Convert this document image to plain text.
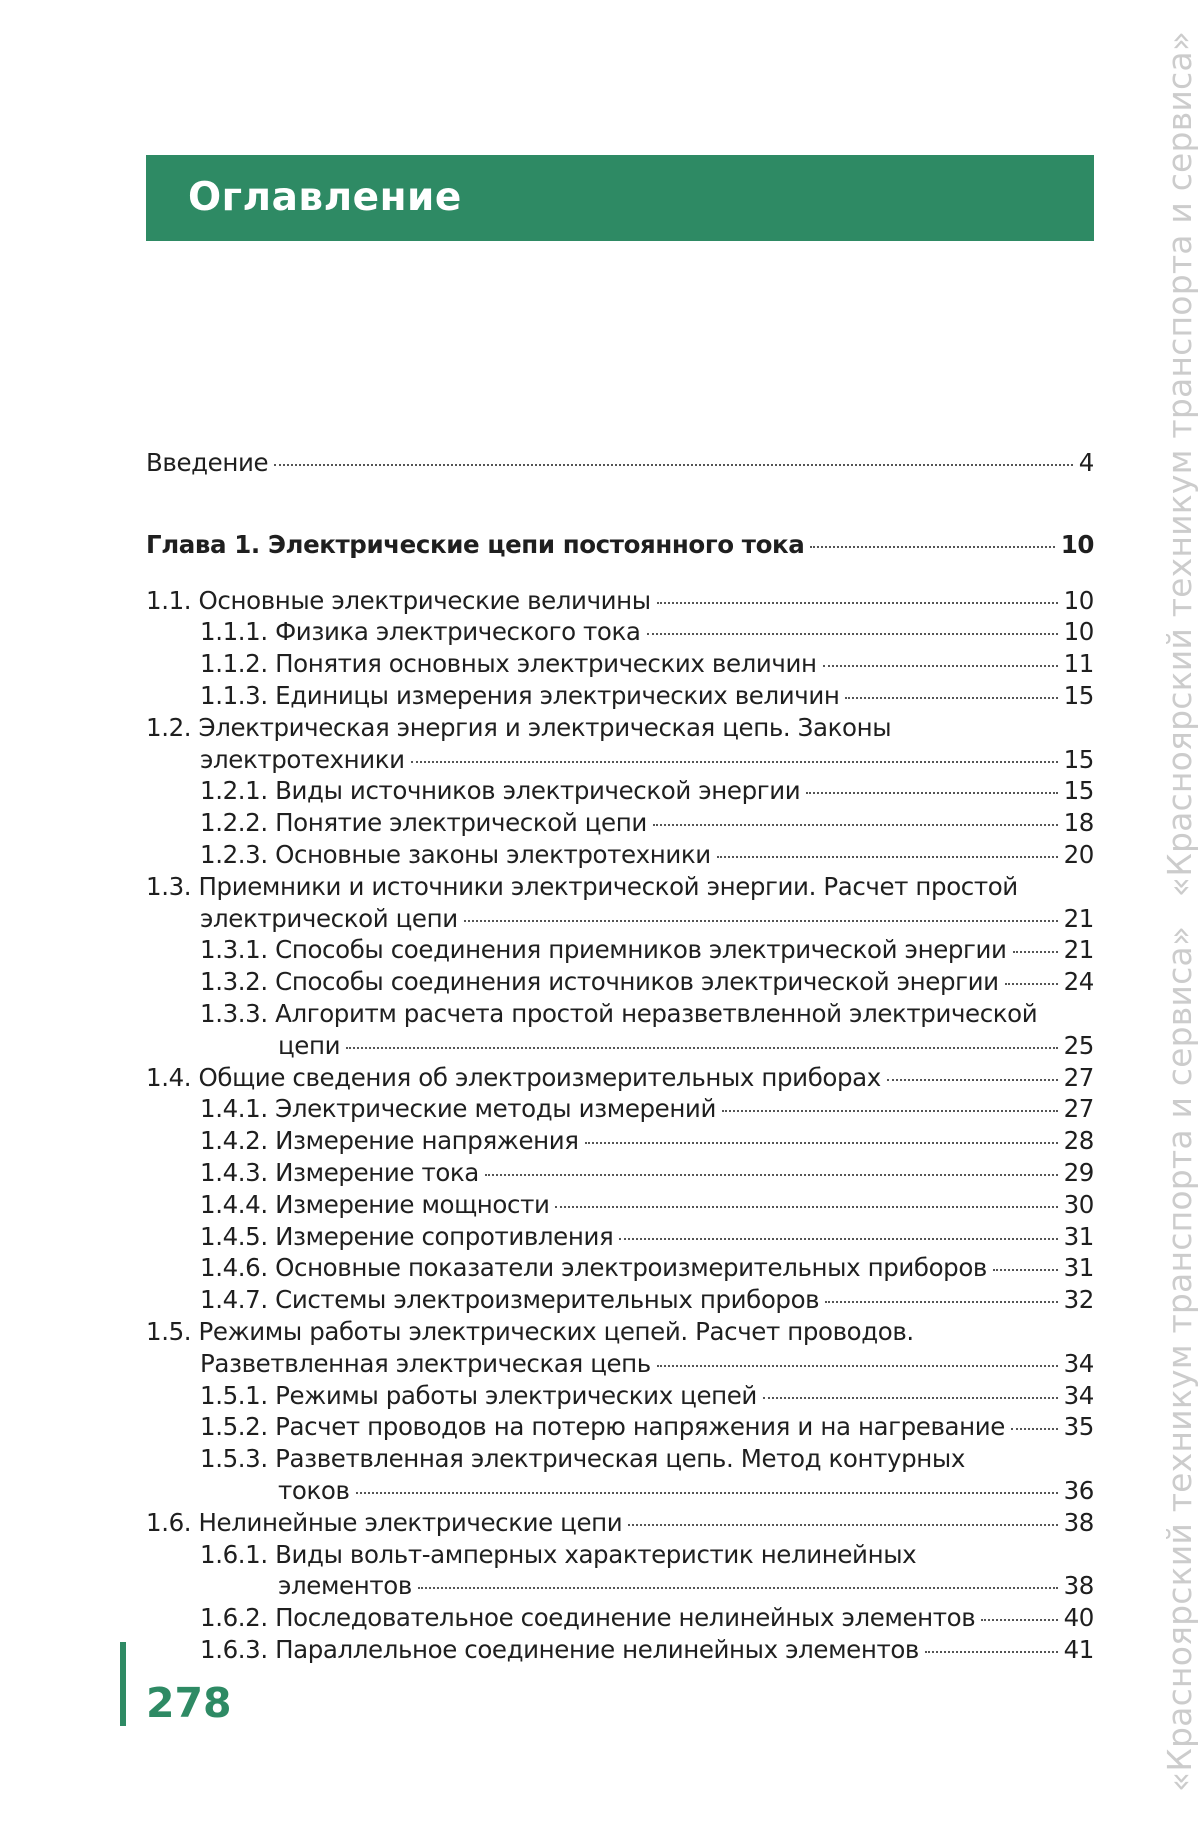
Оглавление
Введение	4
Глава 1. Электрические цепи постоянного тока	10
1.1. Основные электрические величины	10
1.1.1. Физика электрического тока	10
1.1.2. Понятия основных электрических величин	11
1.1.3. Единицы измерения электрических величин	15
1.2. Электрическая энергия и электрическая цепь. Законы
электротехники	15
1.2.1. Виды источников электрической энергии	15
1.2.2. Понятие электрической цепи	18
1.2.3. Основные законы электротехники	20
1.3. Приемники и источники электрической энергии. Расчет простой
электрической цепи	21
1.3.1. Способы соединения приемников электрической энергии 21
1.3.2. Способы соединения источников электрической энергии	24
1.3.3. Алгоритм расчета простой неразветвленной электрической
цепи	25
1.4. Общие сведения об электроизмерительных приборах	27
1.4.1. Электрические методы измерений	27
1.4.2. Измерение напряжения	28
1.4.3. Измерение тока	29
1.4.4. Измерение мощности	30
1.4.5. Измерение сопротивления	31
1.4.6. Основные показатели электроизмерительных приборов	31
1.4.7. Системы электроизмерительных приборов	32
1.5. Режимы работы электрических цепей. Расчет проводов.
Разветвленная электрическая цепь	34
1.5.1. Режимы работы электрических цепей	34
1.5.2. Расчет проводов на потерю напряжения и на нагревание 35
1.5.3. Разветвленная электрическая цепь. Метод контурных
токов	36
1.6. Нелинейные электрические цепи	38
1.6.1. Виды вольт-амперных характеристик нелинейных
элементов	38
1.6.2. Последовательное соединение нелинейных элементов	40
1.6.3. Параллельное соединение нелинейных элементов	41
278	«Красноярский техникум транспорта и сервиса» «Красноярский техникум транспорта и сервиса»
